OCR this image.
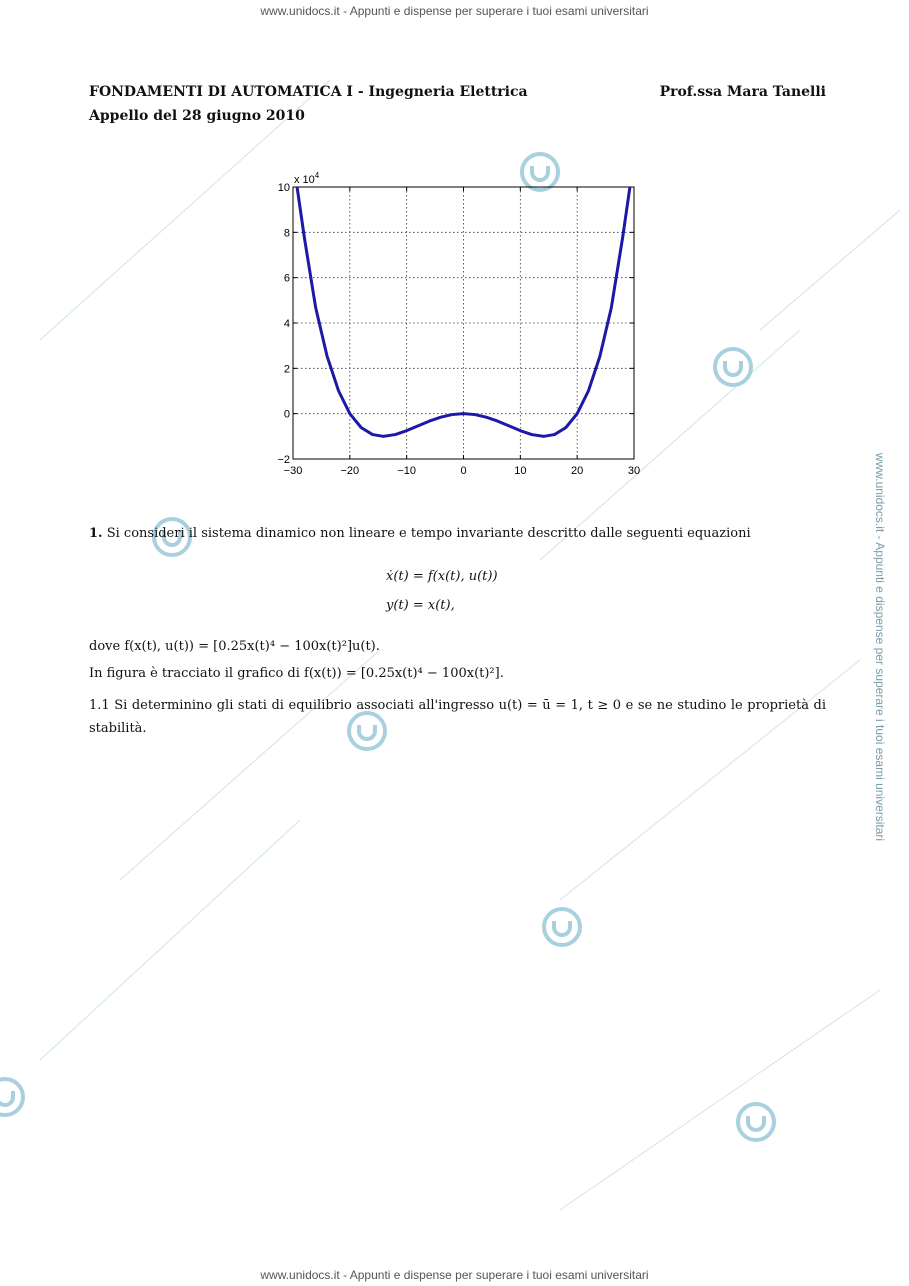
www.unidocs.it - Appunti e dispense per superare i tuoi esami universitari
www.unidocs.it - Appunti e dispense per superare i tuoi esami universitari
www.unidocs.it - Appunti e dispense per superare i tuoi esami universitari
FONDAMENTI DI AUTOMATICA I - Ingegneria Elettrica	Prof.ssa Mara Tanelli
Appello del 28 giugno 2010
−30	−20	−10	0	10	20	30
−2
0
2
4
6
8
10
x $10^4$
1. Si consideri il sistema dinamico non lineare e tempo invariante descritto dalle seguenti equazioni
ẋ(t) = f(x(t), u(t))
y(t) = x(t),
dove f(x(t), u(t)) = [0.25x(t)⁴ − 100x(t)²]u(t).
In figura è tracciato il grafico di f(x(t)) = [0.25x(t)⁴ − 100x(t)²].
1.1 Si determinino gli stati di equilibrio associati all'ingresso u(t) = ū = 1, t ≥ 0 e se ne studino le proprietà di stabilità.
